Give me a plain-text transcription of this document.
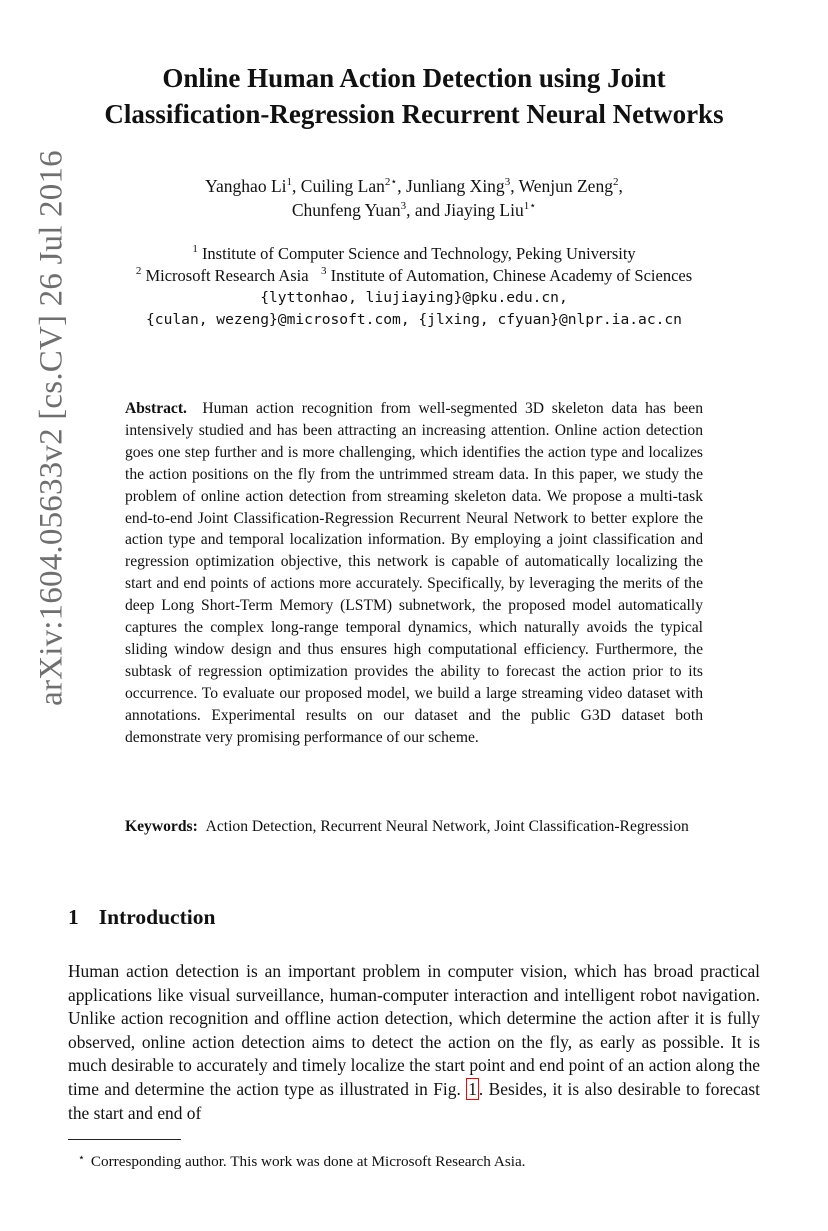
arXiv:1604.05633v2 [cs.CV] 26 Jul 2016
Online Human Action Detection using Joint
Classification-Regression Recurrent Neural Networks
Yanghao Li$^1$, Cuiling Lan$^{2⋆}$, Junliang Xing$^3$, Wenjun Zeng$^2$,
Chunfeng Yuan$^3$, and Jiaying Liu$^{1⋆}$
$^1$ Institute of Computer Science and Technology, Peking University
$^2$ Microsoft Research Asia $^3$ Institute of Automation, Chinese Academy of Sciences
{lyttonhao, liujiaying}@pku.edu.cn,
{culan, wezeng}@microsoft.com, {jlxing, cfyuan}@nlpr.ia.ac.cn

Abstract. Human action recognition from well-segmented 3D skeleton data has been intensively studied and has been attracting an increasing attention. Online action detection goes one step further and is more challenging, which identifies the action type and localizes the action positions on the fly from the untrimmed stream data. In this paper, we study the problem of online action detection from streaming skeleton data. We propose a multi-task end-to-end Joint Classification-Regression Recurrent Neural Network to better explore the action type and temporal localization information. By employing a joint classification and regression optimization objective, this network is capable of automatically localizing the start and end points of actions more accurately. Specifically, by leveraging the merits of the deep Long Short-Term Memory (LSTM) subnetwork, the proposed model automatically captures the complex long-range temporal dynamics, which naturally avoids the typical sliding window design and thus ensures high computational efficiency. Furthermore, the subtask of regression optimization provides the ability to forecast the action prior to its occurrence. To evaluate our proposed model, we build a large streaming video dataset with annotations. Experimental results on our dataset and the public G3D dataset both demonstrate very promising performance of our scheme.

Keywords: Action Detection, Recurrent Neural Network, Joint Classification-Regression

1 Introduction

Human action detection is an important problem in computer vision, which has broad practical applications like visual surveillance, human-computer interaction and intelligent robot navigation. Unlike action recognition and offline action detection, which determine the action after it is fully observed, online action detection aims to detect the action on the fly, as early as possible. It is much desirable to accurately and timely localize the start point and end point of an action along the time and determine the action type as illustrated in Fig. 1 . Besides, it is also desirable to forecast the start and end of

⋆ Corresponding author. This work was done at Microsoft Research Asia.
